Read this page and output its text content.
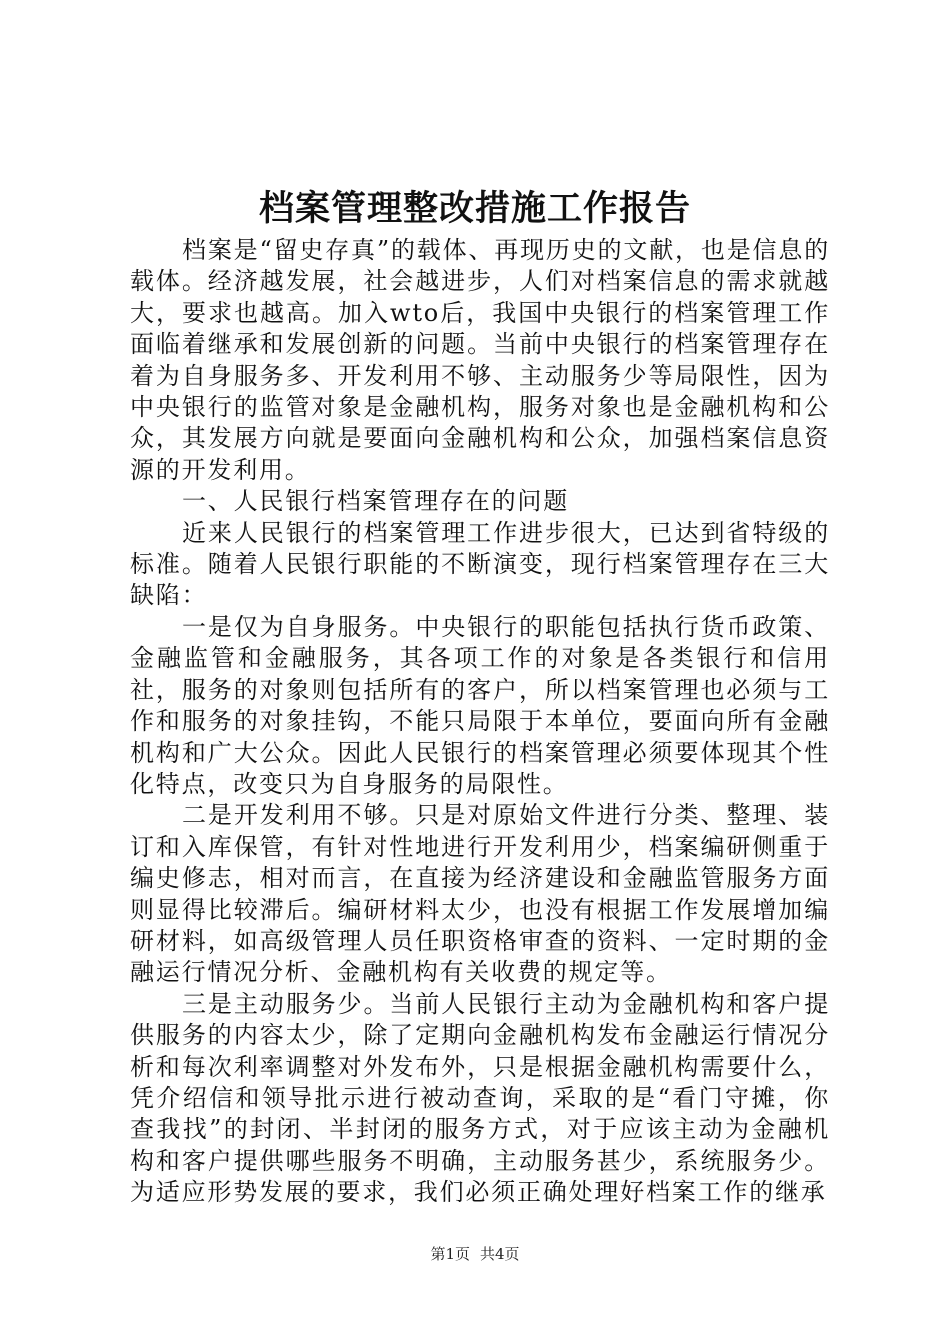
档案管理整改措施工作报告

档案是“留史存真”的载体、再现历史的文献，也是信息的载体。经济越发展，社会越进步，人们对档案信息的需求就越大，要求也越高。加入wto后，我国中央银行的档案管理工作面临着继承和发展创新的问题。当前中央银行的档案管理存在着为自身服务多、开发利用不够、主动服务少等局限性，因为中央银行的监管对象是金融机构，服务对象也是金融机构和公众，其发展方向就是要面向金融机构和公众，加强档案信息资源的开发利用。

一、人民银行档案管理存在的问题

近来人民银行的档案管理工作进步很大，已达到省特级的标准。随着人民银行职能的不断演变，现行档案管理存在三大缺陷：

一是仅为自身服务。中央银行的职能包括执行货币政策、金融监管和金融服务，其各项工作的对象是各类银行和信用社，服务的对象则包括所有的客户，所以档案管理也必须与工作和服务的对象挂钩，不能只局限于本单位，要面向所有金融机构和广大公众。因此人民银行的档案管理必须要体现其个性化特点，改变只为自身服务的局限性。

二是开发利用不够。只是对原始文件进行分类、整理、装订和入库保管，有针对性地进行开发利用少，档案编研侧重于编史修志，相对而言，在直接为经济建设和金融监管服务方面则显得比较滞后。编研材料太少，也没有根据工作发展增加编研材料，如高级管理人员任职资格审查的资料、一定时期的金融运行情况分析、金融机构有关收费的规定等。

三是主动服务少。当前人民银行主动为金融机构和客户提供服务的内容太少，除了定期向金融机构发布金融运行情况分析和每次利率调整对外发布外，只是根据金融机构需要什么，凭介绍信和领导批示进行被动查询，采取的是“看门守摊，你查我找”的封闭、半封闭的服务方式，对于应该主动为金融机构和客户提供哪些服务不明确，主动服务甚少，系统服务少。为适应形势发展的要求，我们必须正确处理好档案工作的继承

第1页 共4页
